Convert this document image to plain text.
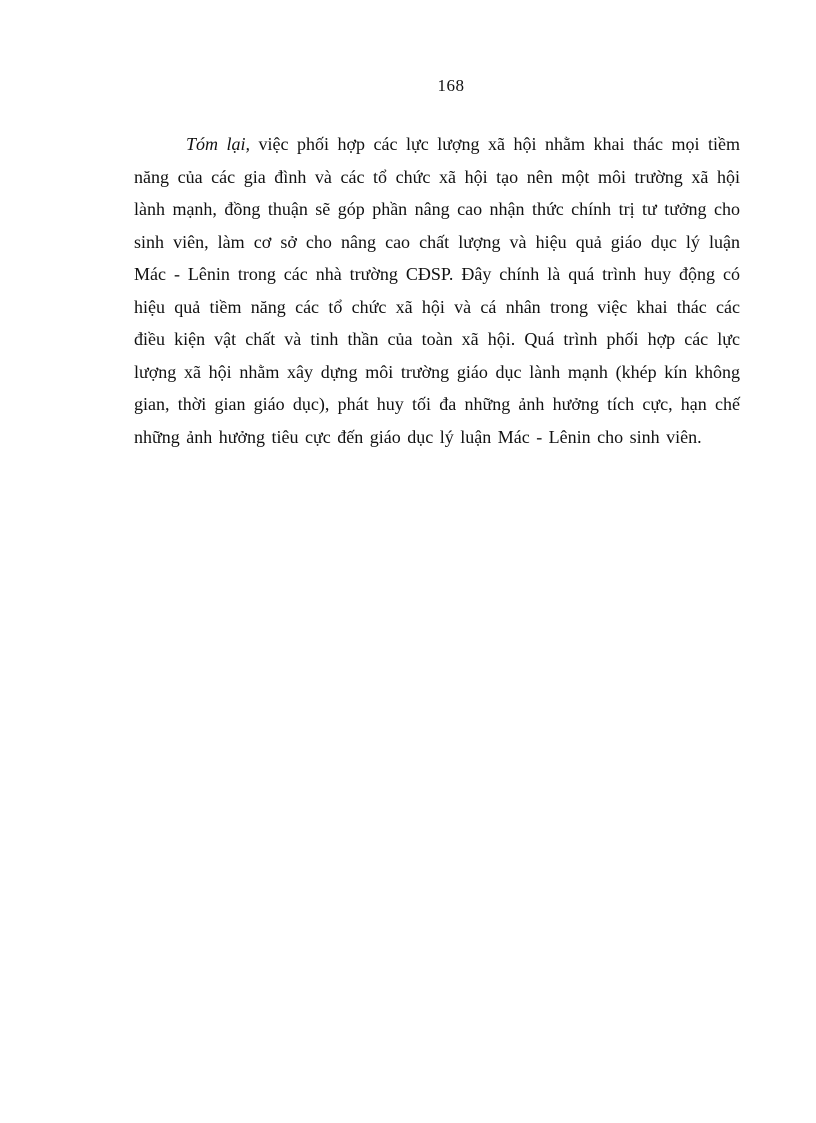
168
Tóm lại, việc phối hợp các lực lượng xã hội nhằm khai thác mọi tiềm
năng của các gia đình và các tổ chức xã hội tạo nên một môi trường xã hội
lành mạnh, đồng thuận sẽ góp phần nâng cao nhận thức chính trị tư tưởng cho
sinh viên, làm cơ sở cho nâng cao chất lượng và hiệu quả giáo dục lý luận
Mác - Lênin trong các nhà trường CĐSP. Đây chính là quá trình huy động có
hiệu quả tiềm năng các tổ chức xã hội và cá nhân trong việc khai thác các
điều kiện vật chất và tinh thần của toàn xã hội. Quá trình phối hợp các lực
lượng xã hội nhằm xây dựng môi trường giáo dục lành mạnh (khép kín không
gian, thời gian giáo dục), phát huy tối đa những ảnh hưởng tích cực, hạn chế
những ảnh hưởng tiêu cực đến giáo dục lý luận Mác - Lênin cho sinh viên.
